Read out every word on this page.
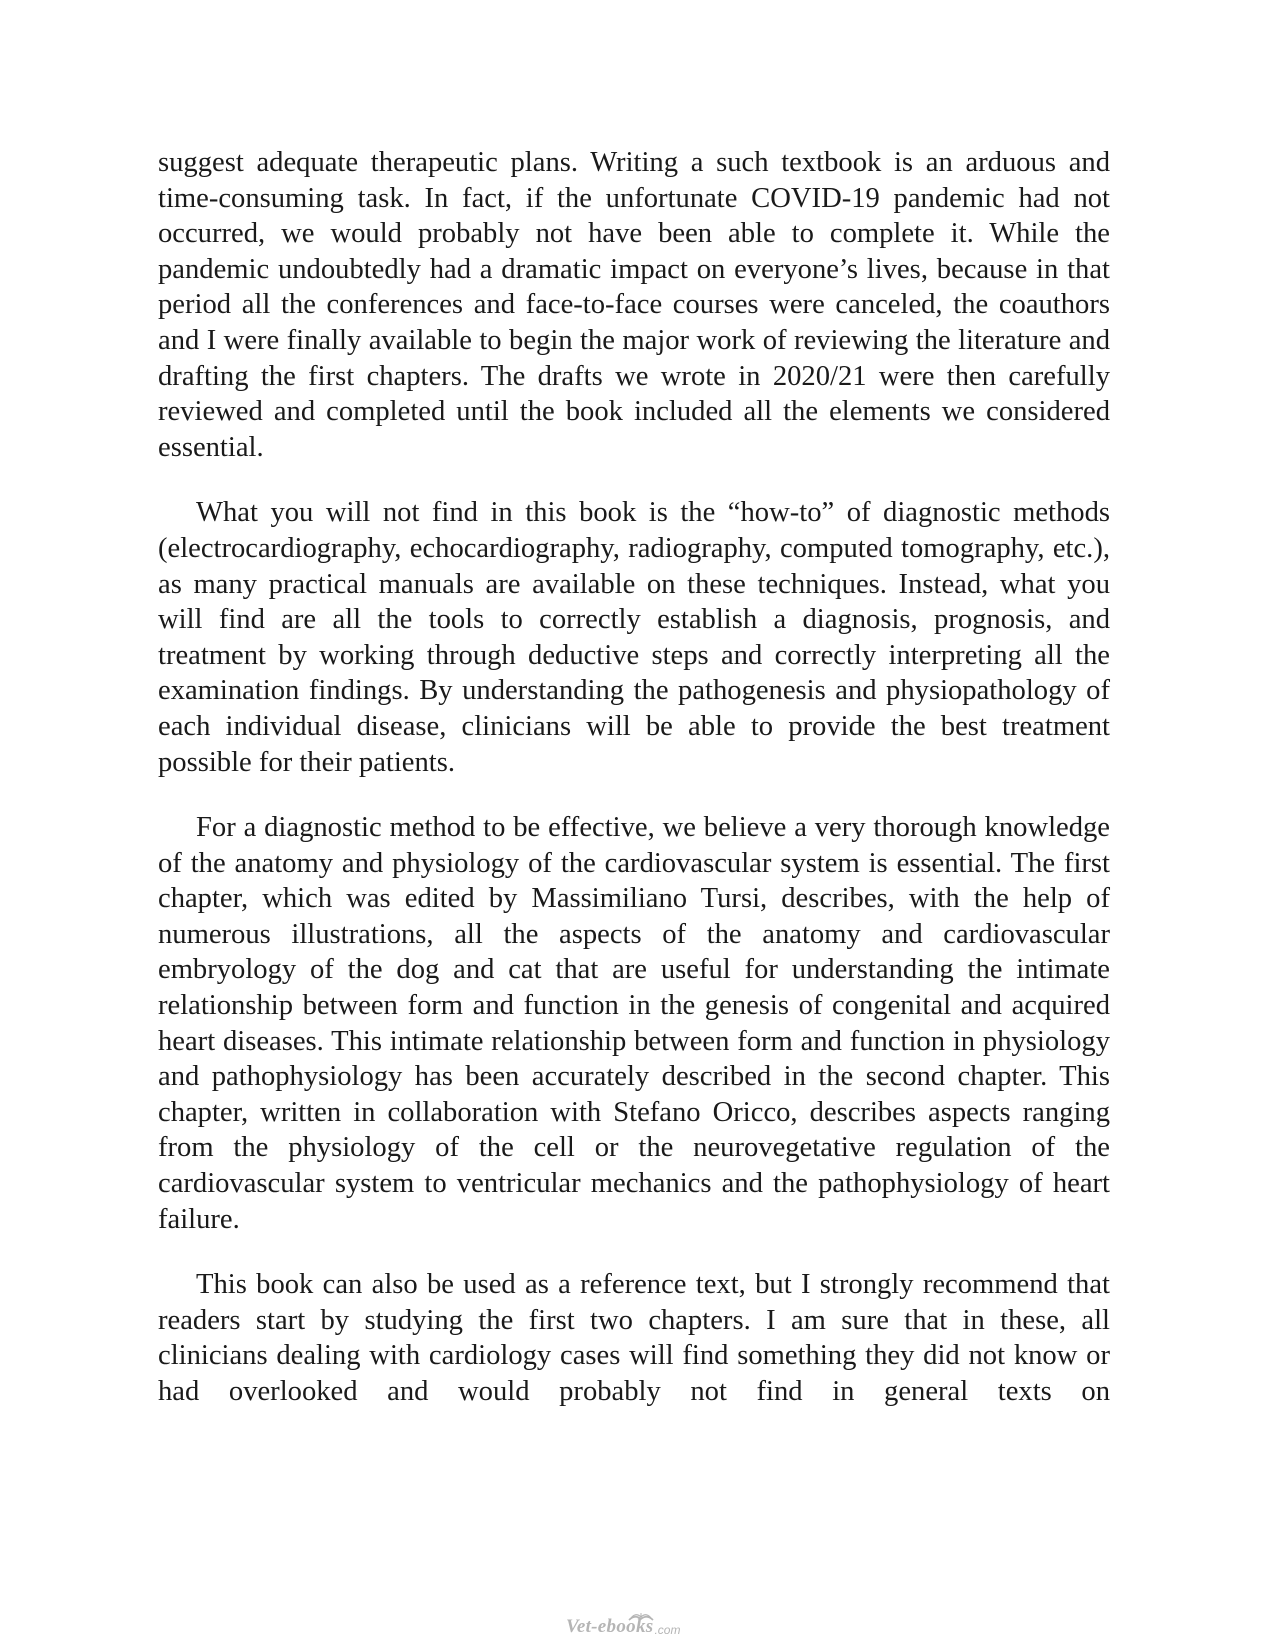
suggest adequate therapeutic plans. Writing a such textbook is an arduous and time-consuming task. In fact, if the unfortunate COVID-19 pandemic had not occurred, we would probably not have been able to complete it. While the pandemic undoubtedly had a dramatic impact on everyone’s lives, because in that period all the conferences and face-to-face courses were canceled, the coauthors and I were finally available to begin the major work of reviewing the literature and drafting the first chapters. The drafts we wrote in 2020/21 were then carefully reviewed and completed until the book included all the elements we considered essential.

What you will not find in this book is the “how-to” of diagnostic methods (electrocardiography, echocardiography, radiography, computed tomography, etc.), as many practical manuals are available on these techniques. Instead, what you will find are all the tools to correctly establish a diagnosis, prognosis, and treatment by working through deductive steps and correctly interpreting all the examination findings. By understanding the pathogenesis and physiopathology of each individual disease, clinicians will be able to provide the best treatment possible for their patients.

For a diagnostic method to be effective, we believe a very thorough knowledge of the anatomy and physiology of the cardiovascular system is essential. The first chapter, which was edited by Massimiliano Tursi, describes, with the help of numerous illustrations, all the aspects of the anatomy and cardiovascular embryology of the dog and cat that are useful for understanding the intimate relationship between form and function in the genesis of congenital and acquired heart diseases. This intimate relationship between form and function in physiology and pathophysiology has been accurately described in the second chapter. This chapter, written in collaboration with Stefano Oricco, describes aspects ranging from the physiology of the cell or the neurovegetative regulation of the cardiovascular system to ventricular mechanics and the pathophysiology of heart failure.

This book can also be used as a reference text, but I strongly recommend that readers start by studying the first two chapters. I am sure that in these, all clinicians dealing with cardiology cases will find something they did not know or had overlooked and would probably not find in general texts on

Vet-ebooks .com
